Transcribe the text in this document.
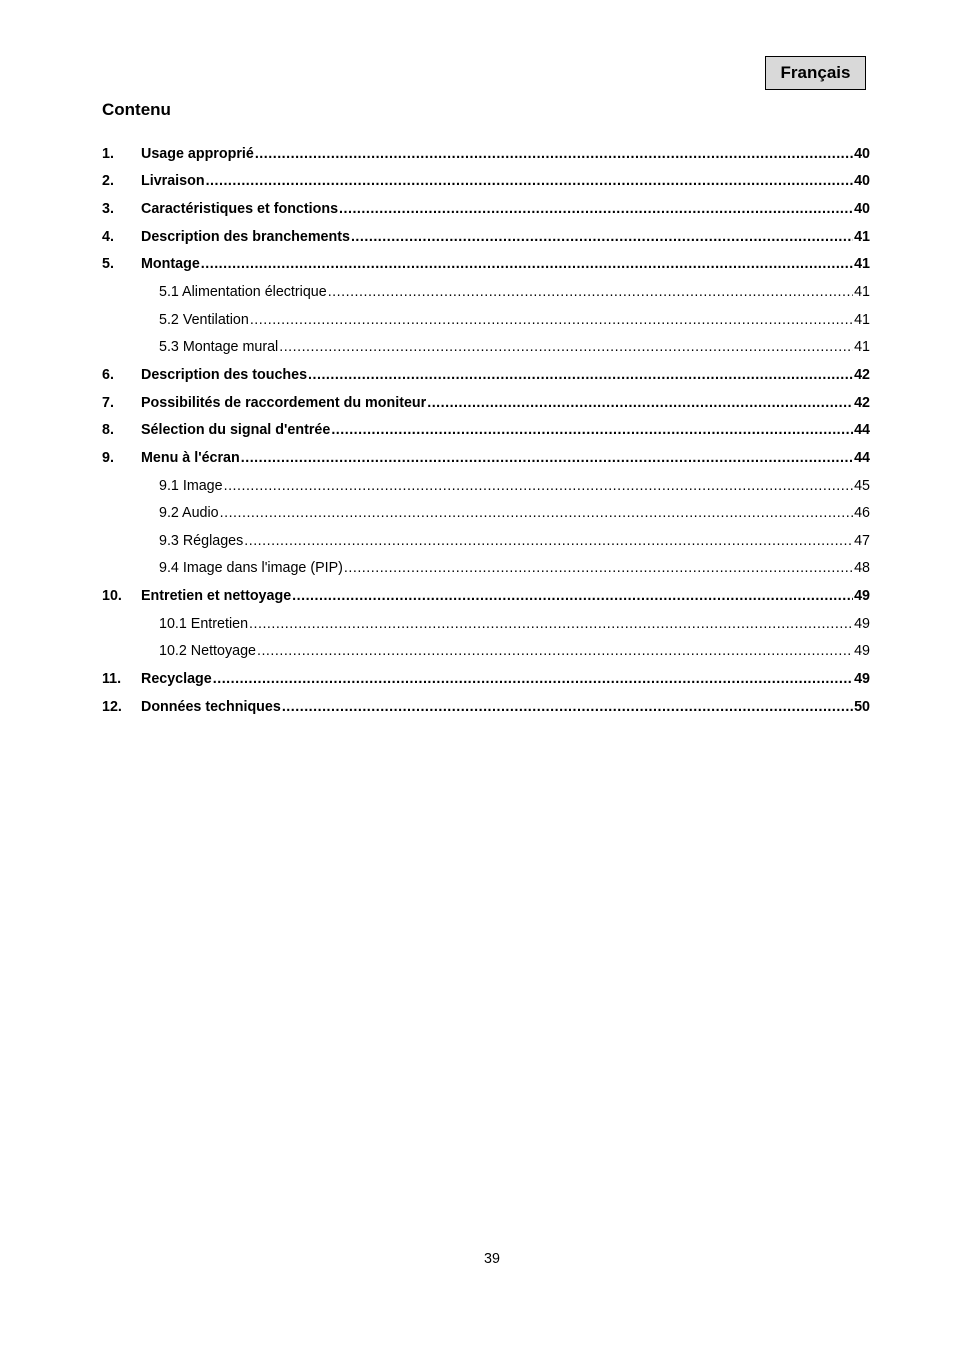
Français
Contenu
1.	Usage approprié .....	40
2.	Livraison .....	40
3.	Caractéristiques et fonctions .....	40
4.	Description des branchements .....	41
5.	Montage .....	41
5.1 Alimentation électrique .....	41
5.2 Ventilation .....	41
5.3 Montage mural .....	41
6.	Description des touches .....	42
7.	Possibilités de raccordement du moniteur .....	42
8.	Sélection du signal d'entrée .....	44
9.	Menu à l'écran .....	44
9.1 Image .....	45
9.2 Audio .....	46
9.3 Réglages .....	47
9.4 Image dans l'image (PIP) .....	48
10.	Entretien et nettoyage .....	49
10.1 Entretien .....	49
10.2 Nettoyage .....	49
11.	Recyclage .....	49
12.	Données techniques .....	50
39
